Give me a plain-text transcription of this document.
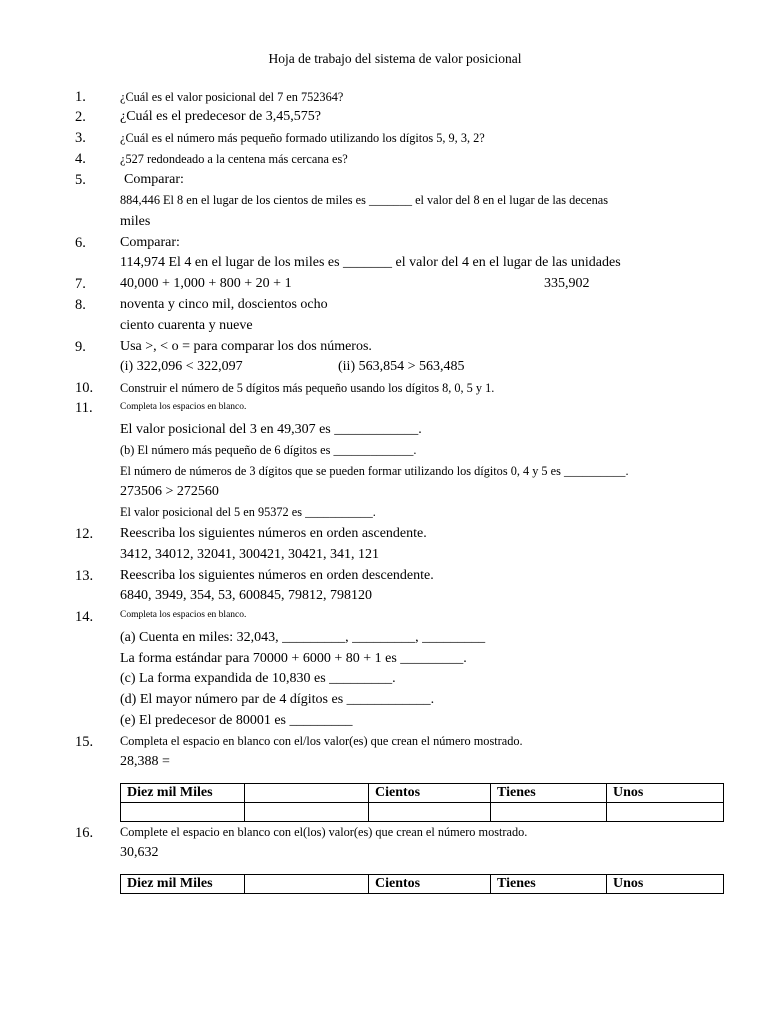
Hoja de trabajo del sistema de valor posicional
1.
2.
3.
4.
5.
6.
7.
8.
9.
10.
11.
12.
13.
14.
15.
16.
¿Cuál es el valor posicional del 7 en 752364?
¿Cuál es el predecesor de 3,45,575?
¿Cuál es el número más pequeño formado utilizando los dígitos 5, 9, 3, 2?
¿527 redondeado a la centena más cercana es?
Comparar:
884,446 El 8 en el lugar de los cientos de miles es _______ el valor del 8 en el lugar de las decenas
miles
Comparar:
114,974 El 4 en el lugar de los miles es _______ el valor del 4 en el lugar de las unidades
40,000 + 1,000 + 800 + 20 + 1	335,902
noventa y cinco mil, doscientos ocho
ciento cuarenta y nueve
Usa >, < o = para comparar los dos números.
(i) 322,096 < 322,097	(ii) 563,854 > 563,485
Construir el número de 5 dígitos más pequeño usando los dígitos 8, 0, 5 y 1.
Completa los espacios en blanco.
El valor posicional del 3 en 49,307 es ____________.
(b) El número más pequeño de 6 dígitos es _____________.
El número de números de 3 dígitos que se pueden formar utilizando los dígitos 0, 4 y 5 es __________.
273506 > 272560
El valor posicional del 5 en 95372 es ___________.
Reescriba los siguientes números en orden ascendente.
3412, 34012, 32041, 300421, 30421, 341, 121
Reescriba los siguientes números en orden descendente.
6840, 3949, 354, 53, 600845, 79812, 798120
Completa los espacios en blanco.
(a) Cuenta en miles: 32,043, _________, _________, _________
La forma estándar para 70000 + 6000 + 80 + 1 es _________.
(c) La forma expandida de 10,830 es _________.
(d) El mayor número par de 4 dígitos es ____________.
(e) El predecesor de 80001 es _________
Completa el espacio en blanco con el/los valor(es) que crean el número mostrado.
28,388 =
Diez mil Miles		Cientos	Tienes	Unos

Complete el espacio en blanco con el(los) valor(es) que crean el número mostrado.
30,632
Diez mil Miles		Cientos	Tienes	Unos
